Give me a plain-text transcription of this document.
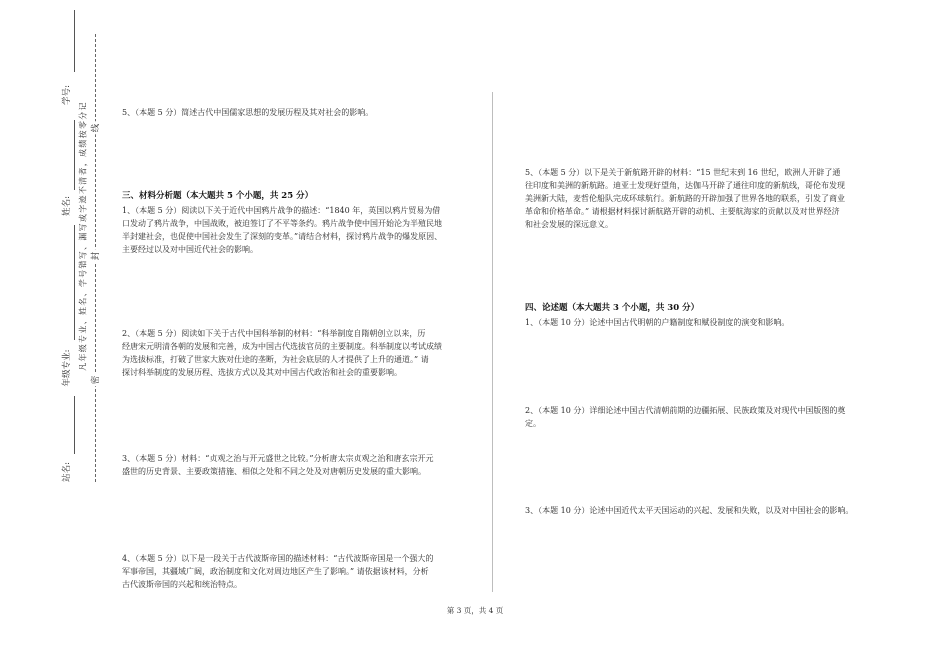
学号:
姓名:
年级专业:
站名:
凡年级专业、姓名、学号错写、漏写或字迹不清者，成绩按零分记 线
封
密
5、（本题 5 分）简述古代中国儒家思想的发展历程及其对社会的影响。
三、材料分析题（本大题共 5 个小题，共 25 分）
1、（本题 5 分）阅读以下关于近代中国鸦片战争的描述：“1840 年，英国以鸦片贸易为借
口发动了鸦片战争，中国战败，被迫签订了不平等条约。鸦片战争使中国开始沦为半殖民地
半封建社会，也促使中国社会发生了深刻的变革。”请结合材料，探讨鸦片战争的爆发原因、
主要经过以及对中国近代社会的影响。
2、（本题 5 分）阅读如下关于古代中国科举制的材料：“科举制度自隋朝创立以来，历
经唐宋元明清各朝的发展和完善，成为中国古代选拔官员的主要制度。科举制度以考试成绩
为选拔标准，打破了世家大族对仕途的垄断，为社会底层的人才提供了上升的通道。” 请
探讨科举制度的发展历程、选拔方式以及其对中国古代政治和社会的重要影响。
3、（本题 5 分）材料：“贞观之治与开元盛世之比较。”分析唐太宗贞观之治和唐玄宗开元
盛世的历史背景、主要政策措施、相似之处和不同之处及对唐朝历史发展的重大影响。
4、（本题 5 分）以下是一段关于古代波斯帝国的描述材料：“古代波斯帝国是一个强大的
军事帝国，其疆域广阔，政治制度和文化对周边地区产生了影响。” 请依据该材料，分析
古代波斯帝国的兴起和统治特点。
5、（本题 5 分）以下是关于新航路开辟的材料：“15 世纪末到 16 世纪，欧洲人开辟了通
往印度和美洲的新航路。迪亚士发现好望角，达伽马开辟了通往印度的新航线，哥伦布发现
美洲新大陆，麦哲伦船队完成环球航行。新航路的开辟加强了世界各地的联系，引发了商业
革命和价格革命。” 请根据材料探讨新航路开辟的动机、主要航海家的贡献以及对世界经济
和社会发展的深远意义。
四、论述题（本大题共 3 个小题，共 30 分）
1、（本题 10 分）论述中国古代明朝的户籍制度和赋役制度的演变和影响。
2、（本题 10 分）详细论述中国古代清朝前期的边疆拓展、民族政策及对现代中国版图的奠
定。
3、（本题 10 分）论述中国近代太平天国运动的兴起、发展和失败，以及对中国社会的影响。
第 3 页，共 4 页
